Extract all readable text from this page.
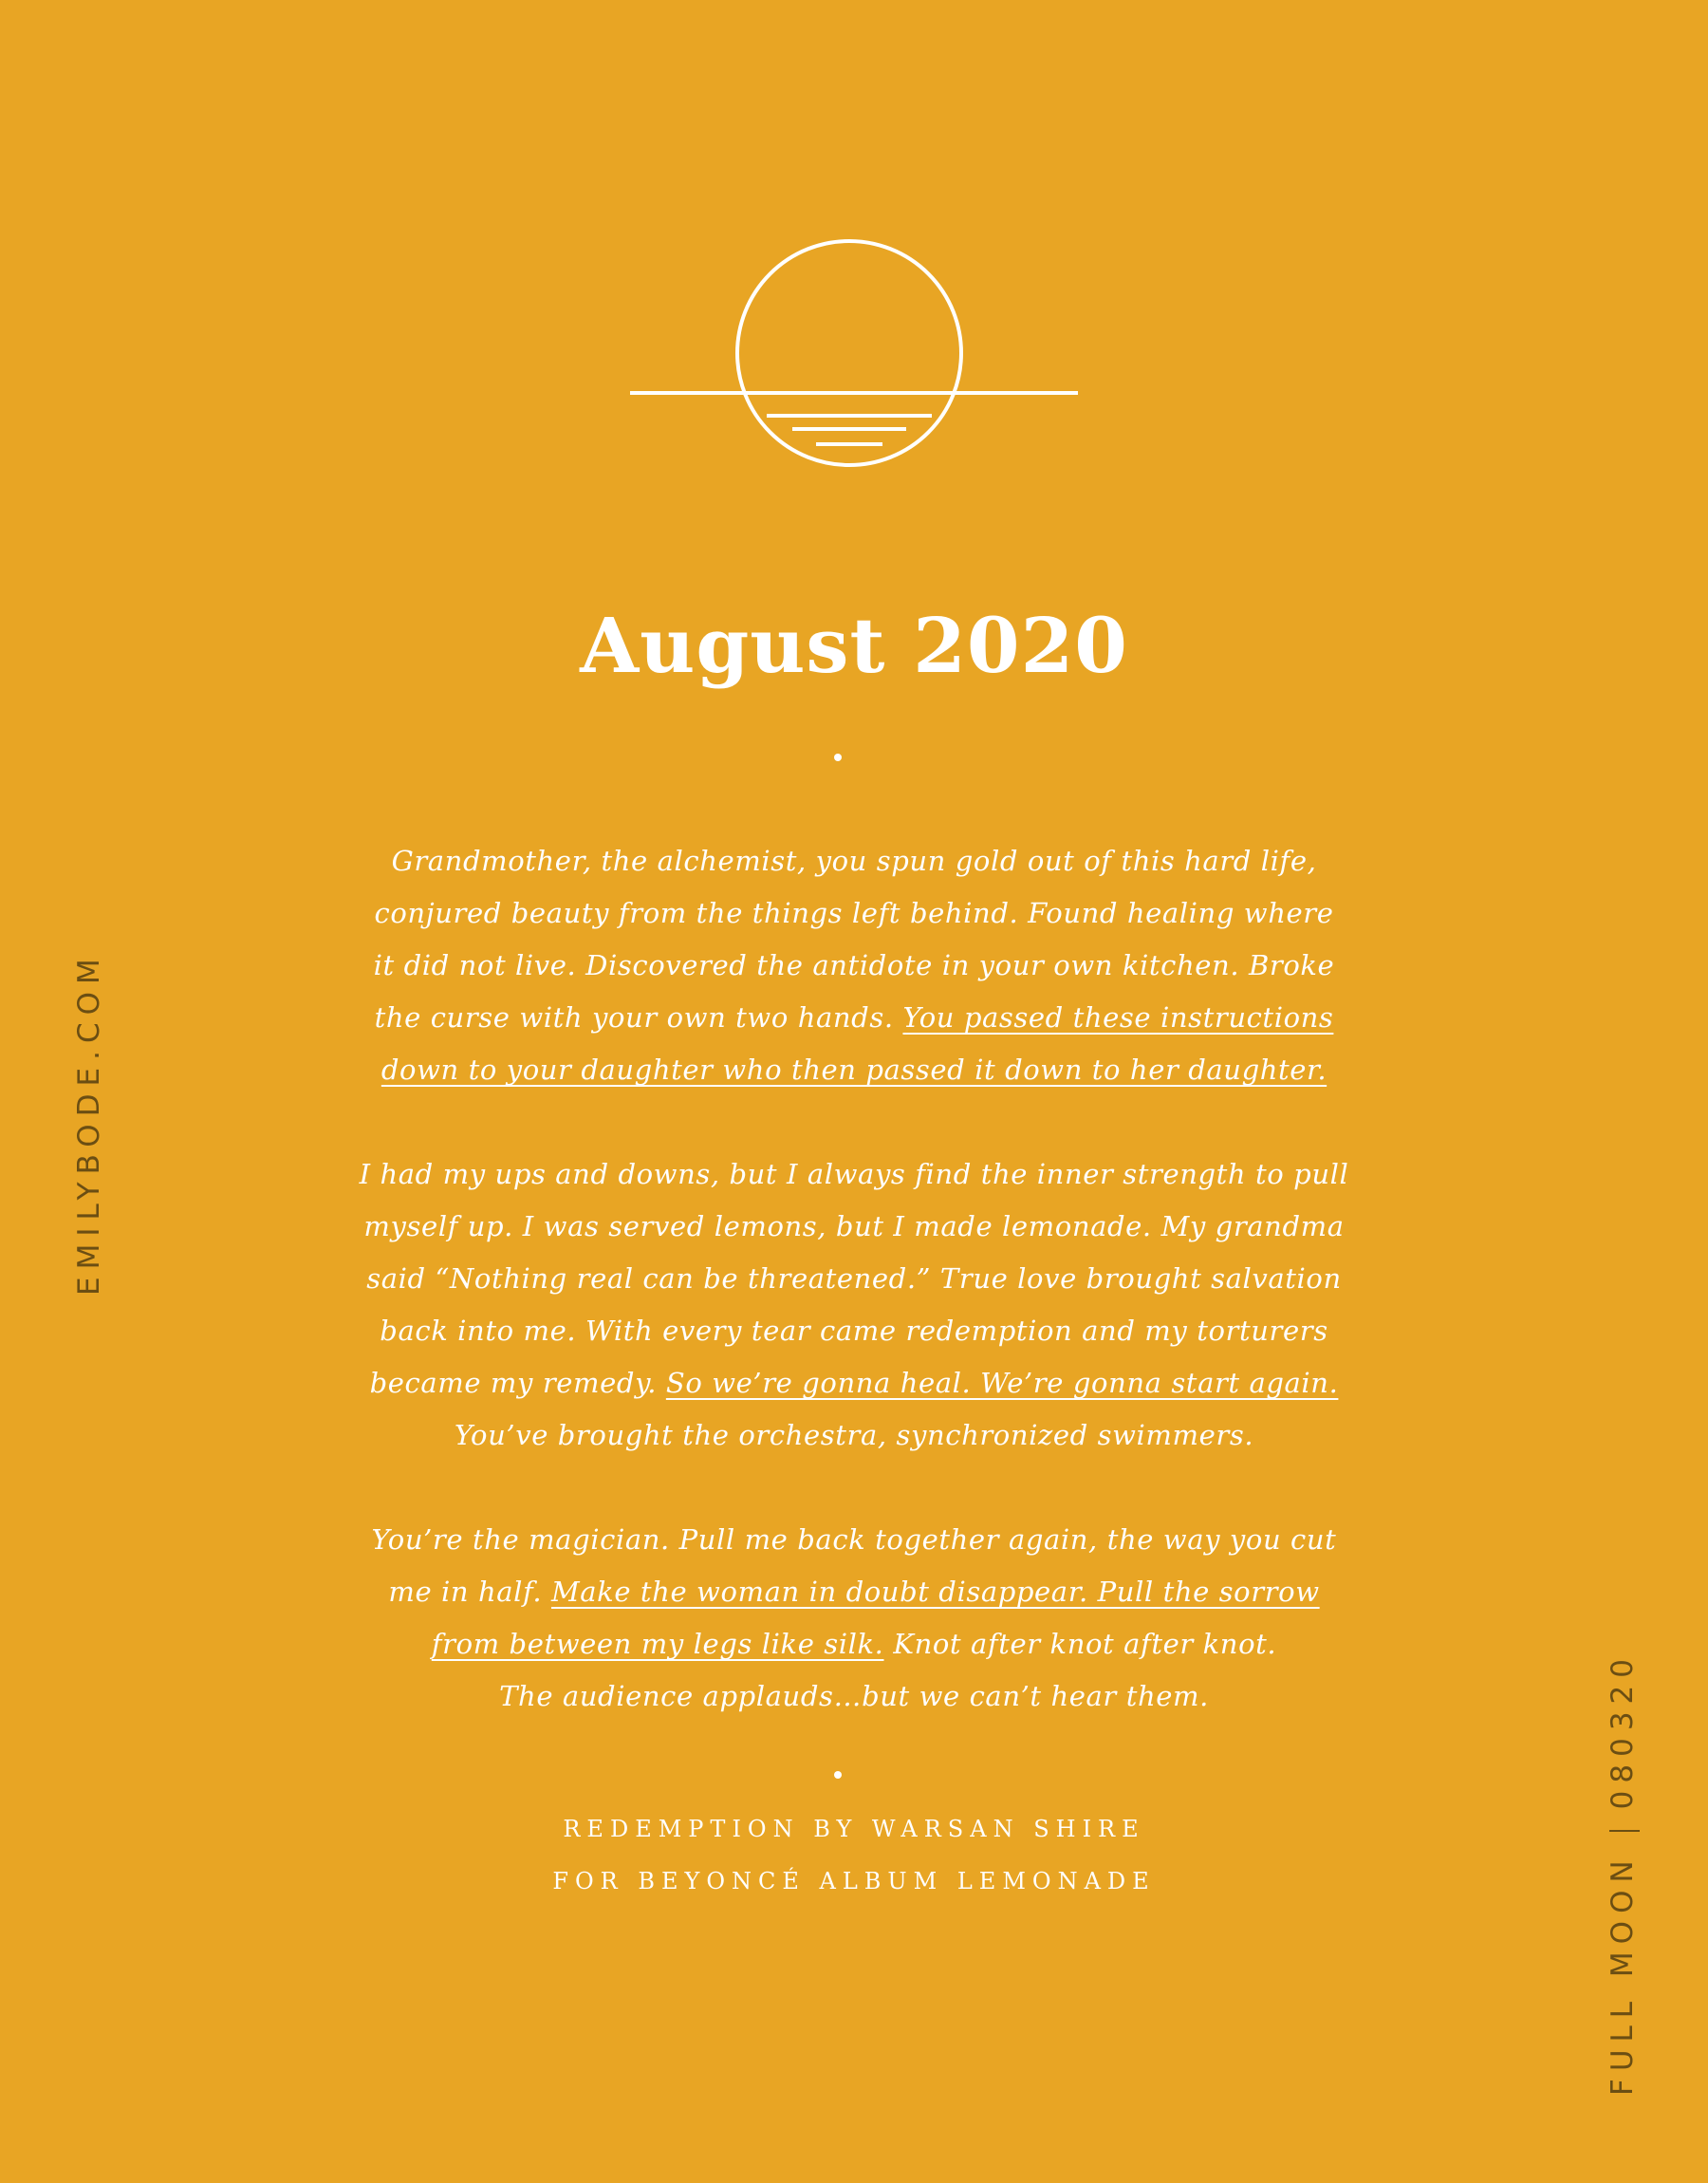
August 2020
Grandmother, the alchemist, you spun gold out of this hard life,
conjured beauty from the things left behind. Found healing where
it did not live. Discovered the antidote in your own kitchen. Broke
the curse with your own two hands. You passed these instructions
down to your daughter who then passed it down to her daughter.
I had my ups and downs, but I always find the inner strength to pull
myself up. I was served lemons, but I made lemonade. My grandma
said “Nothing real can be threatened.” True love brought salvation
back into me. With every tear came redemption and my torturers
became my remedy. So we’re gonna heal. We’re gonna start again.
You’ve brought the orchestra, synchronized swimmers.
You’re the magician. Pull me back together again, the way you cut
me in half. Make the woman in doubt disappear. Pull the sorrow
from between my legs like silk. Knot after knot after knot.
The audience applauds…but we can’t hear them.
REDEMPTION BY WARSAN SHIRE
FOR BEYONCÉ ALBUM LEMONADE
EMILYBODE.COM
FULL MOON080320
